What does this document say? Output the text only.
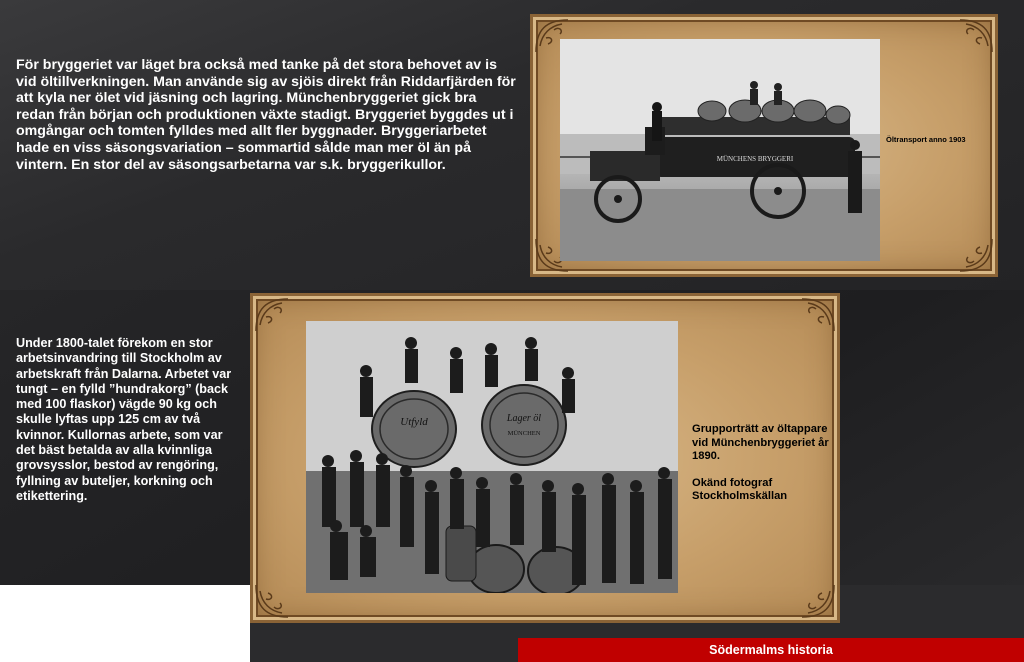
För bryggeriet var läget bra också med tanke på det stora behovet av is vid öltillverkningen. Man använde sig av sjöis direkt från Riddarfjärden för att kyla ner ölet vid jäsning och lagring. Münchenbryggeriet gick bra redan från början och produktionen växte stadigt. Bryggeriet byggdes ut i omgångar och tomten fylldes med allt fler byggnader. Bryggeriarbetet hade en viss säsongsvariation – sommartid sålde man mer öl än på vintern. En stor del av säsongsarbetarna var s.k. bryggerikullor.	MÜNCHENS BRYGGERI
Öltransport anno 1903
Under 1800-talet förekom en stor arbetsinvandring till Stockholm av arbetskraft från Dalarna. Arbetet var tungt – en fylld ”hundrakorg” (back med 100 flaskor) vägde 90 kg och skulle lyftas upp 125 cm av två kvinnor. Kullornas arbete, som var det bäst betalda av alla kvinnliga grovsysslor, bestod av rengöring, fyllning av buteljer, korkning och etikettering.
Utfyld	Lager öl
MÜNCHEN	Grupporträtt av öltappare vid Münchenbryggeriet år 1890.
Okänd fotograf Stockholmskällan
Södermalms historia
